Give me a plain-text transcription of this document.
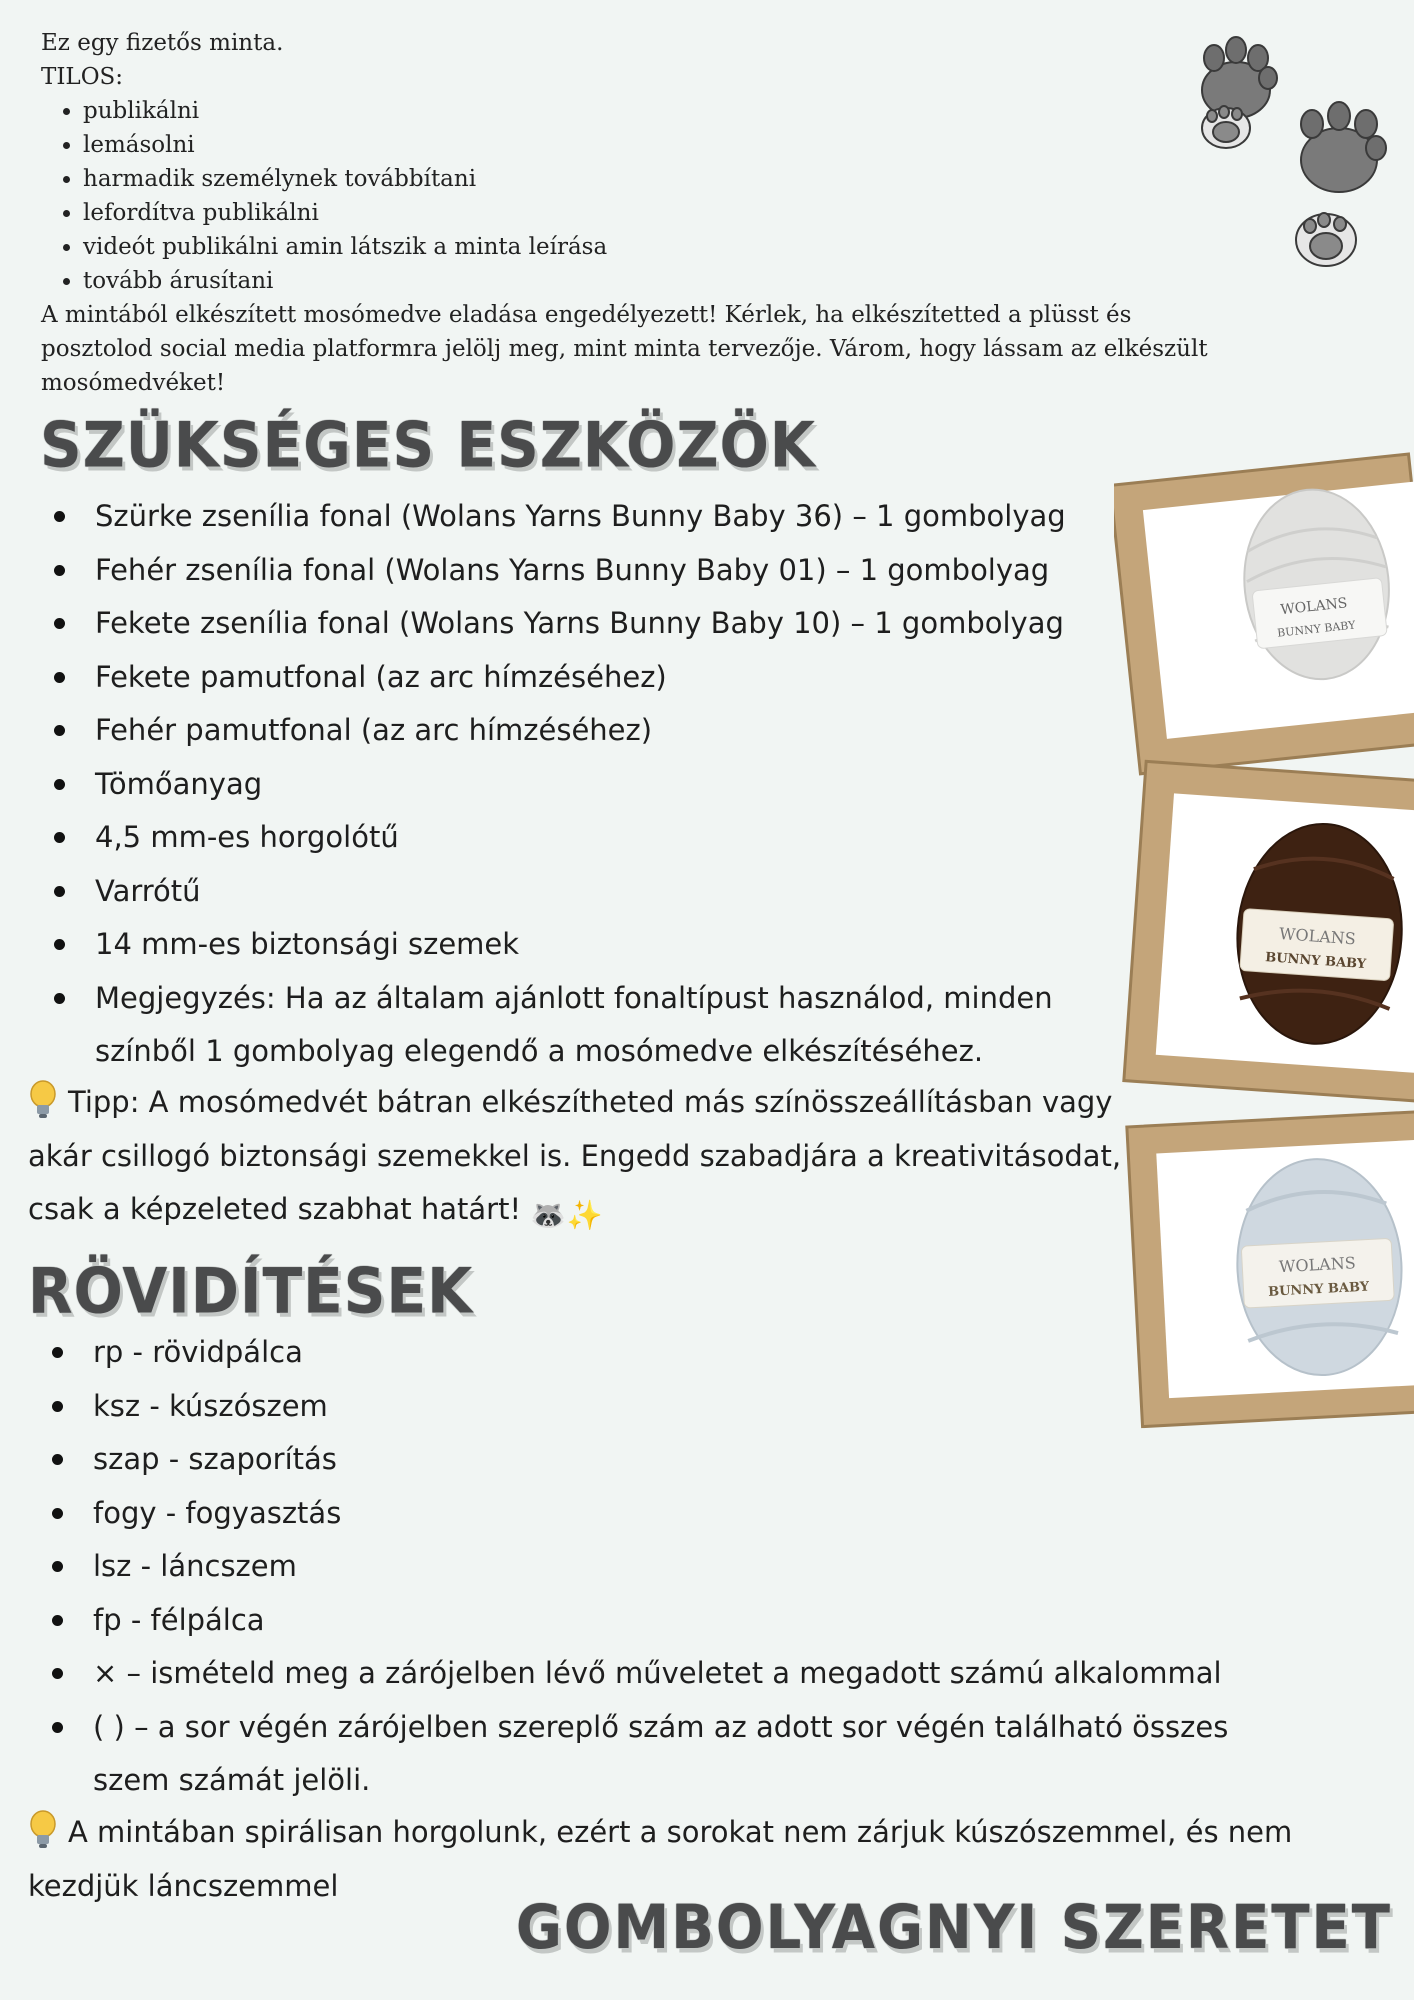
Ez egy fizetős minta.

TILOS:

• publikálni
• lemásolni
• harmadik személynek továbbítani
• lefordítva publikálni
• videót publikálni amin látszik a minta leírása
• tovább árusítani

A mintából elkészített mosómedve eladása engedélyezett! Kérlek, ha elkészítetted a plüsst és posztolod social media platformra jelölj meg, mint minta tervezője. Várom, hogy lássam az elkészült mosómedvéket!

SZÜKSÉGES ESZKÖZÖK
Szürke zsenília fonal (Wolans Yarns Bunny Baby 36) – 1 gombolyag
Fehér zsenília fonal (Wolans Yarns Bunny Baby 01) – 1 gombolyag
Fekete zsenília fonal (Wolans Yarns Bunny Baby 10) – 1 gombolyag
Fekete pamutfonal (az arc hímzéséhez)
Fehér pamutfonal (az arc hímzéséhez)
Tömőanyag
4,5 mm-es horgolótű
Varrótű
14 mm-es biztonsági szemek
Megjegyzés: Ha az általam ajánlott fonaltípust használod, minden színből 1 gombolyag elegendő a mosómedve elkészítéséhez.

Tipp: A mosómedvét bátran elkészítheted más színösszeállításban vagy akár csillogó biztonsági szemekkel is. Engedd szabadjára a kreativitásodat, csak a képzeleted szabhat határt! 🦝✨

WOLANS
BUNNY BABY
WOLANS
BUNNY BABY
WOLANS
BUNNY BABY
RÖVIDÍTÉSEK
rp - rövidpálca
ksz - kúszószem
szap - szaporítás
fogy - fogyasztás
lsz - láncszem
fp - félpálca
× – ismételd meg a zárójelben lévő műveletet a megadott számú alkalommal
( ) – a sor végén zárójelben szereplő szám az adott sor végén található összes szem számát jelöli.

A mintában spirálisan horgolunk, ezért a sorokat nem zárjuk kúszószemmel, és nem kezdjük láncszemmel

GOMBOLYAGNYI SZERETET
